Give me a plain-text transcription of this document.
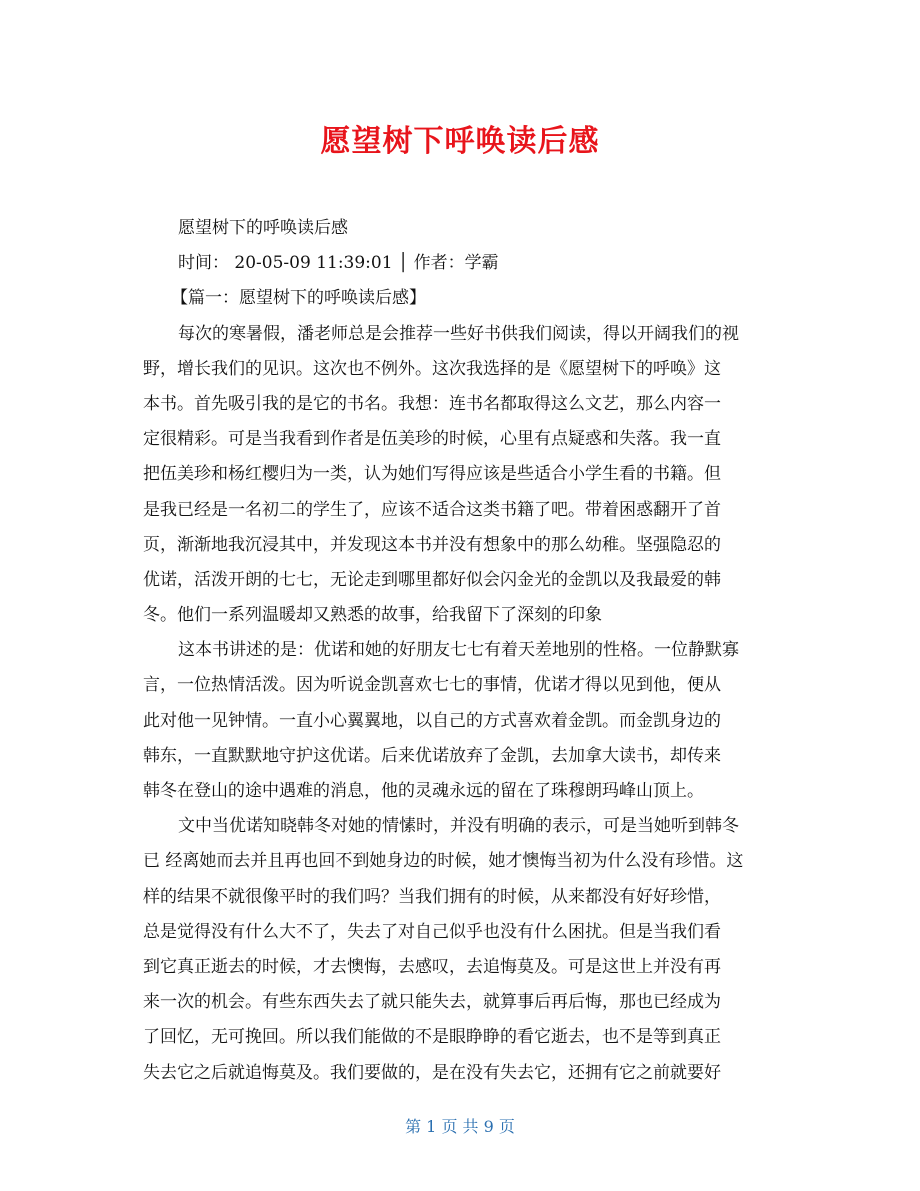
愿望树下呼唤读后感
愿望树下的呼唤读后感
时间： 20-05-09 11:39:01 │ 作者：学霸
【篇一：愿望树下的呼唤读后感】
每次的寒暑假，潘老师总是会推荐一些好书供我们阅读，得以开阔我们的视
野，增长我们的见识。这次也不例外。这次我选择的是《愿望树下的呼唤》这
本书。首先吸引我的是它的书名。我想：连书名都取得这么文艺，那么内容一
定很精彩。可是当我看到作者是伍美珍的时候，心里有点疑惑和失落。我一直
把伍美珍和杨红樱归为一类，认为她们写得应该是些适合小学生看的书籍。但
是我已经是一名初二的学生了，应该不适合这类书籍了吧。带着困惑翻开了首
页，渐渐地我沉浸其中，并发现这本书并没有想象中的那么幼稚。坚强隐忍的
优诺，活泼开朗的七七，无论走到哪里都好似会闪金光的金凯以及我最爱的韩
冬。他们一系列温暖却又熟悉的故事，给我留下了深刻的印象
这本书讲述的是：优诺和她的好朋友七七有着天差地别的性格。一位静默寡
言，一位热情活泼。因为听说金凯喜欢七七的事情，优诺才得以见到他，便从
此对他一见钟情。一直小心翼翼地，以自己的方式喜欢着金凯。而金凯身边的
韩东，一直默默地守护这优诺。后来优诺放弃了金凯，去加拿大读书，却传来
韩冬在登山的途中遇难的消息，他的灵魂永远的留在了珠穆朗玛峰山顶上。
文中当优诺知晓韩冬对她的情愫时，并没有明确的表示，可是当她听到韩冬
已 经离她而去并且再也回不到她身边的时候，她才懊悔当初为什么没有珍惜。这
样的结果不就很像平时的我们吗？当我们拥有的时候，从来都没有好好珍惜，
总是觉得没有什么大不了，失去了对自己似乎也没有什么困扰。但是当我们看
到它真正逝去的时候，才去懊悔，去感叹，去追悔莫及。可是这世上并没有再
来一次的机会。有些东西失去了就只能失去，就算事后再后悔，那也已经成为
了回忆，无可挽回。所以我们能做的不是眼睁睁的看它逝去，也不是等到真正
失去它之后就追悔莫及。我们要做的，是在没有失去它，还拥有它之前就要好
第 1 页 共 9 页
